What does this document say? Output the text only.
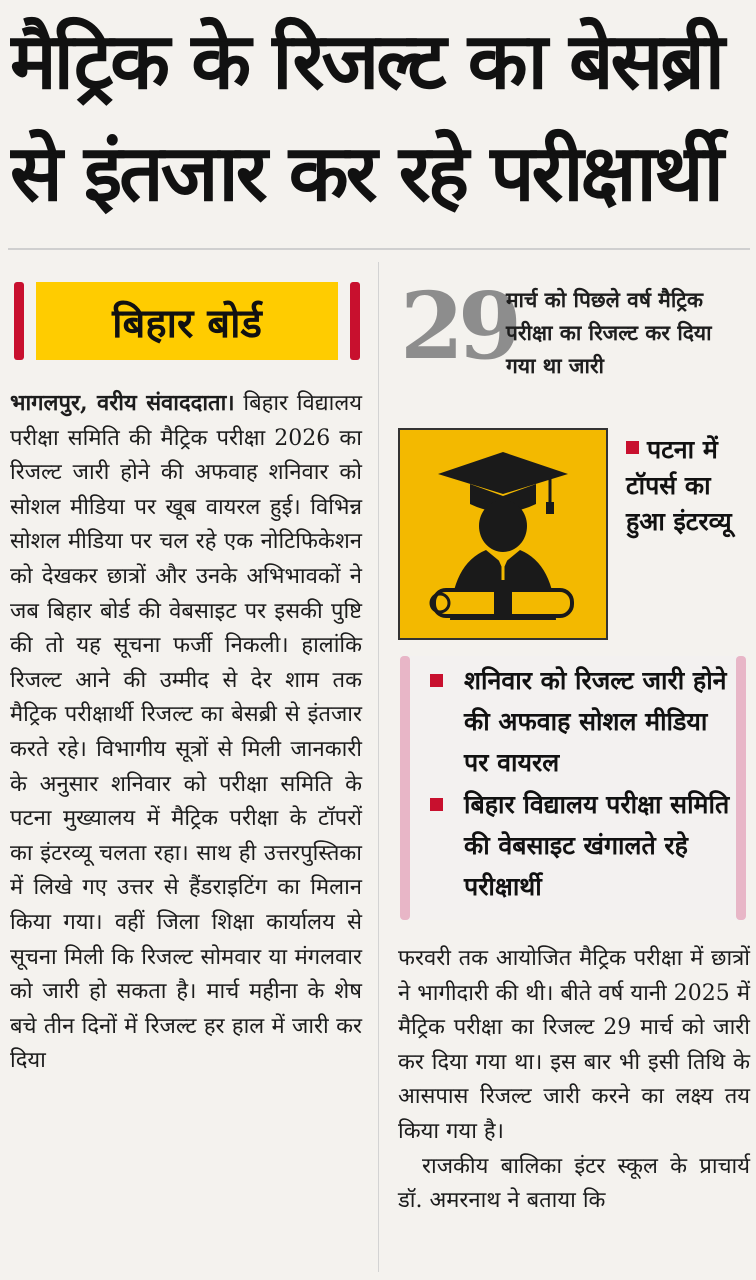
मैट्रिक के रिजल्ट का बेसब्री
से इंतजार कर रहे परीक्षार्थी
बिहार बोर्ड
भागलपुर, वरीय संवाददाता। बिहार विद्यालय परीक्षा समिति की मैट्रिक परीक्षा 2026 का रिजल्ट जारी होने की अफवाह शनिवार को सोशल मीडिया पर खूब वायरल हुई। विभिन्न सोशल मीडिया पर चल रहे एक नोटिफिकेशन को देखकर छात्रों और उनके अभिभावकों ने जब बिहार बोर्ड की वेबसाइट पर इसकी पुष्टि की तो यह सूचना फर्जी निकली। हालांकि रिजल्ट आने की उम्मीद से देर शाम तक मैट्रिक परीक्षार्थी रिजल्ट का बेसब्री से इंतजार करते रहे। विभागीय सूत्रों से मिली जानकारी के अनुसार शनिवार को परीक्षा समिति के पटना मुख्यालय में मैट्रिक परीक्षा के टॉपरों का इंटरव्यू चलता रहा। साथ ही उत्तरपुस्तिका में लिखे गए उत्तर से हैंडराइटिंग का मिलान किया गया। वहीं जिला शिक्षा कार्यालय से सूचना मिली कि रिजल्ट सोमवार या मंगलवार को जारी हो सकता है। मार्च महीना के शेष बचे तीन दिनों में रिजल्ट हर हाल में जारी कर दिया
29
मार्च को पिछले वर्ष मैट्रिक परीक्षा का रिजल्ट कर दिया गया था जारी
पटना में टॉपर्स का हुआ इंटरव्यू
शनिवार को रिजल्ट जारी होने की अफवाह सोशल मीडिया पर वायरल
बिहार विद्यालय परीक्षा समिति की वेबसाइट खंगालते रहे परीक्षार्थी
फरवरी तक आयोजित मैट्रिक परीक्षा में छात्रों ने भागीदारी की थी। बीते वर्ष यानी 2025 में मैट्रिक परीक्षा का रिजल्ट 29 मार्च को जारी कर दिया गया था। इस बार भी इसी तिथि के आसपास रिजल्ट जारी करने का लक्ष्य तय किया गया है।
राजकीय बालिका इंटर स्कूल के प्राचार्य डॉ. अमरनाथ ने बताया कि
